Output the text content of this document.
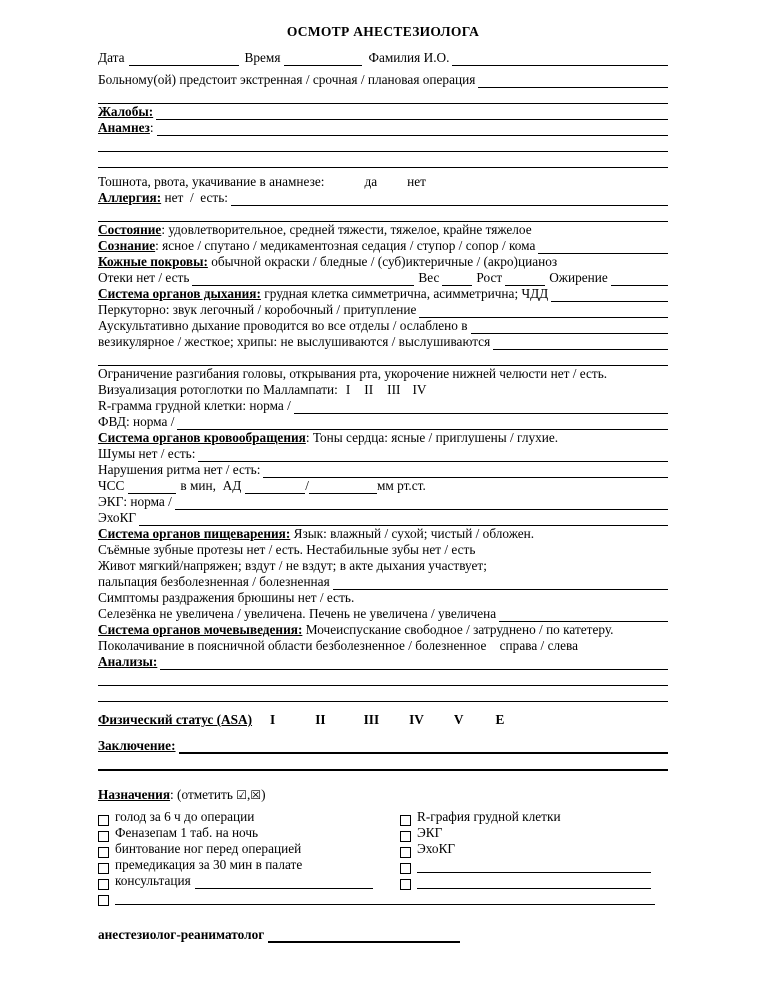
ОСМОТР АНЕСТЕЗИОЛОГА
Дата	Время	Фамилия И.О.
Больному(ой) предстоит экстренная / срочная / плановая операция
Жалобы:
Анамнез :
Тошнота, рвота, укачивание в анамнезе:	да нет
Аллергия: нет  /  есть:
Состояние : удовлетворительное, средней тяжести, тяжелое, крайне тяжелое
Сознание : ясное / спутано / медикаментозная седация / ступор / сопор / кома
Кожные покровы: обычной окраски / бледные / (суб)иктеричные / (акро)цианоз
Отеки нет / есть	Вес	Рост	Ожирение
Система органов дыхания: грудная клетка симметрична, асимметрична; ЧДД
Перкуторно: звук легочный / коробочный / притупление
Аускультативно дыхание проводится во все отделы / ослаблено в
везикулярное / жесткое; хрипы: не выслушиваются / выслушиваются
Ограничение разгибания головы, открывания рта, укорочение нижней челюсти нет / есть.
Визуализация ротоглотки по Маллампати: I II III IV
R-грамма грудной клетки: норма /
ФВД: норма /
Система органов кровообращения : Тоны сердца: ясные / приглушены / глухие.
Шумы нет / есть:
Нарушения ритма нет / есть:
ЧСС	в мин,  АД	/	мм рт.ст.
ЭКГ: норма /
ЭхоКГ
Система органов пищеварения: Язык: влажный / сухой; чистый / обложен.
Съёмные зубные протезы нет / есть. Нестабильные зубы нет / есть
Живот мягкий/напряжен; вздут / не вздут; в акте дыхания участвует;
пальпация безболезненная / болезненная
Симптомы раздражения брюшины нет / есть.
Селезёнка не увеличена / увеличена. Печень не увеличена / увеличена
Система органов мочевыведения: Мочеиспускание свободное / затруднено / по катетеру.
Поколачивание в поясничной области безболезненное / болезненное    справа / слева
Анализы:
Физический статус (ASA) I	II	III IV V E
Заключение:
Назначения : (отметить ☑ , ☒ )
голод за 6 ч до операции
Феназепам 1 таб. на ночь
бинтование ног перед операцией
премедикация за 30 мин в палате
консультация
R-графия грудной клетки
ЭКГ
ЭхоКГ
анестезиолог-реаниматолог
